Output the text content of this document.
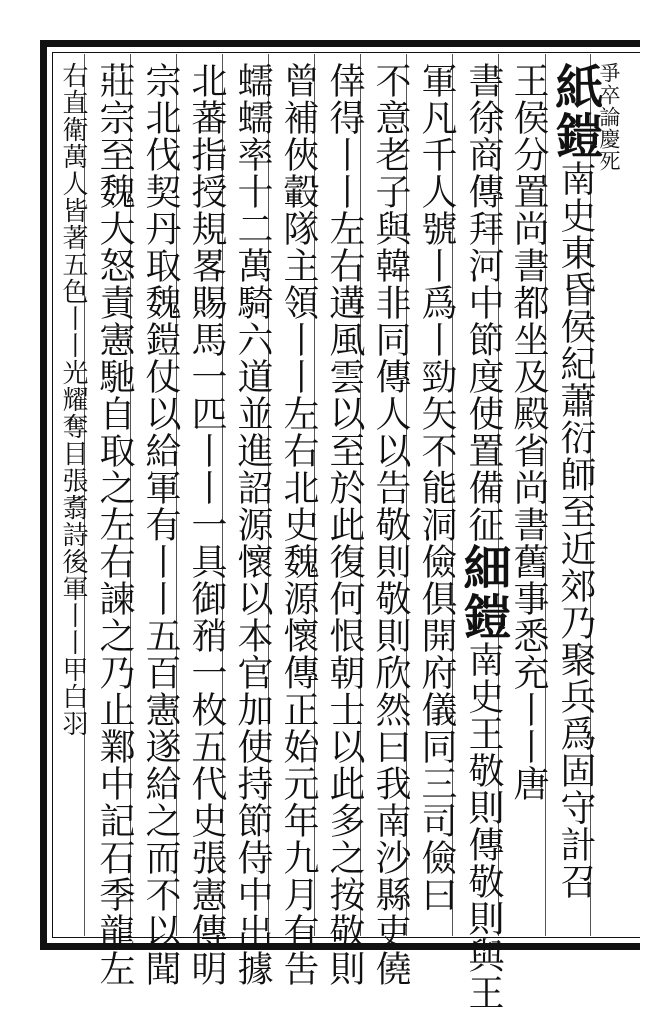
爭卒論慶死
紙鎧南史東昏侯紀蕭衍師至近郊乃聚兵爲固守計召
王侯分置尚書都坐及殿省尚書舊事悉充丨丨唐
書徐商傳拜河中節度使置備征細鎧南史王敬則傳敬則與王
軍凡千人號丨爲丨勁矢不能洞儉俱開府儀同三司儉曰
不意老子與韓非同傳人以告敬則敬則欣然曰我南沙縣吏僥
倖得丨丨左右遘風雲以至於此復何恨朝士以此多之按敬則
曾補俠轂隊主領丨丨左右北史魏源懷傳正始元年九月有吿
蠕蠕率十二萬騎六道並進詔源懷以本官加使持節侍中出據
北蕃指授規畧賜馬一匹丨丨一具御矟一枚五代史張憲傳明
宗北伐契丹取魏鎧仗以給軍有丨丨五百憲遂給之而不以聞
莊宗至魏大怒責憲馳自取之左右諫之乃止鄴中記石季龍左
右直衛萬人皆著五色丨丨光耀奪目張翥詩後軍丨丨甲白羽
